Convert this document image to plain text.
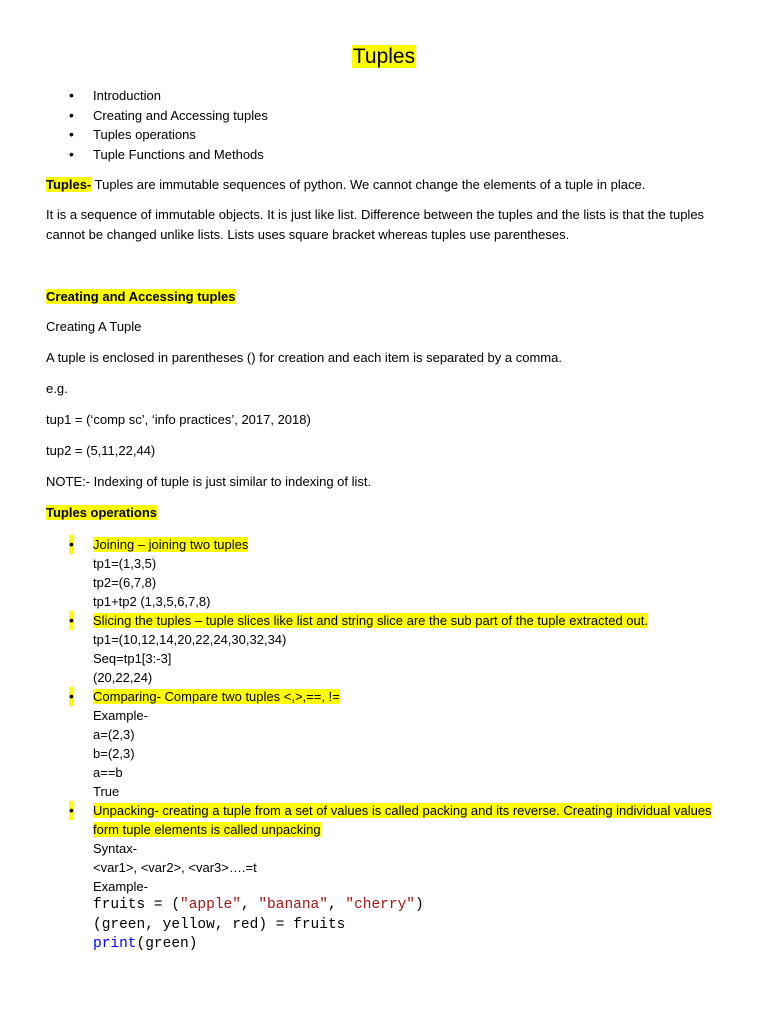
Tuples
• Introduction
• Creating and Accessing tuples
• Tuples operations
• Tuple Functions and Methods

Tuples- Tuples are immutable sequences of python. We cannot change the elements of a tuple in place.

It is a sequence of immutable objects. It is just like list. Difference between the tuples and the lists is that the tuples cannot be changed unlike lists. Lists uses square bracket whereas tuples use parentheses.

Creating and Accessing tuples

Creating A Tuple

A tuple is enclosed in parentheses () for creation and each item is separated by a comma.

e.g.

tup1 = (‘comp sc’, ‘info practices’, 2017, 2018)

tup2 = (5,11,22,44)

NOTE:- Indexing of tuple is just similar to indexing of list.

Tuples operations

• Joining – joining two tuples
tp1=(1,3,5)
tp2=(6,7,8)
tp1+tp2 (1,3,5,6,7,8)
• Slicing the tuples – tuple slices like list and string slice are the sub part of the tuple extracted out.
tp1=(10,12,14,20,22,24,30,32,34)
Seq=tp1[3:-3]
(20,22,24)
• Comparing- Compare two tuples <,>,==, !=
Example-
a=(2,3)
b=(2,3)
a==b
True
• Unpacking- creating a tuple from a set of values is called packing and its reverse. Creating individual values form tuple elements is called unpacking
Syntax-
<var1>, <var2>, <var3>….=t
Example-
fruits = ("apple", "banana", "cherry")
(green, yellow, red) = fruits
print(green)
